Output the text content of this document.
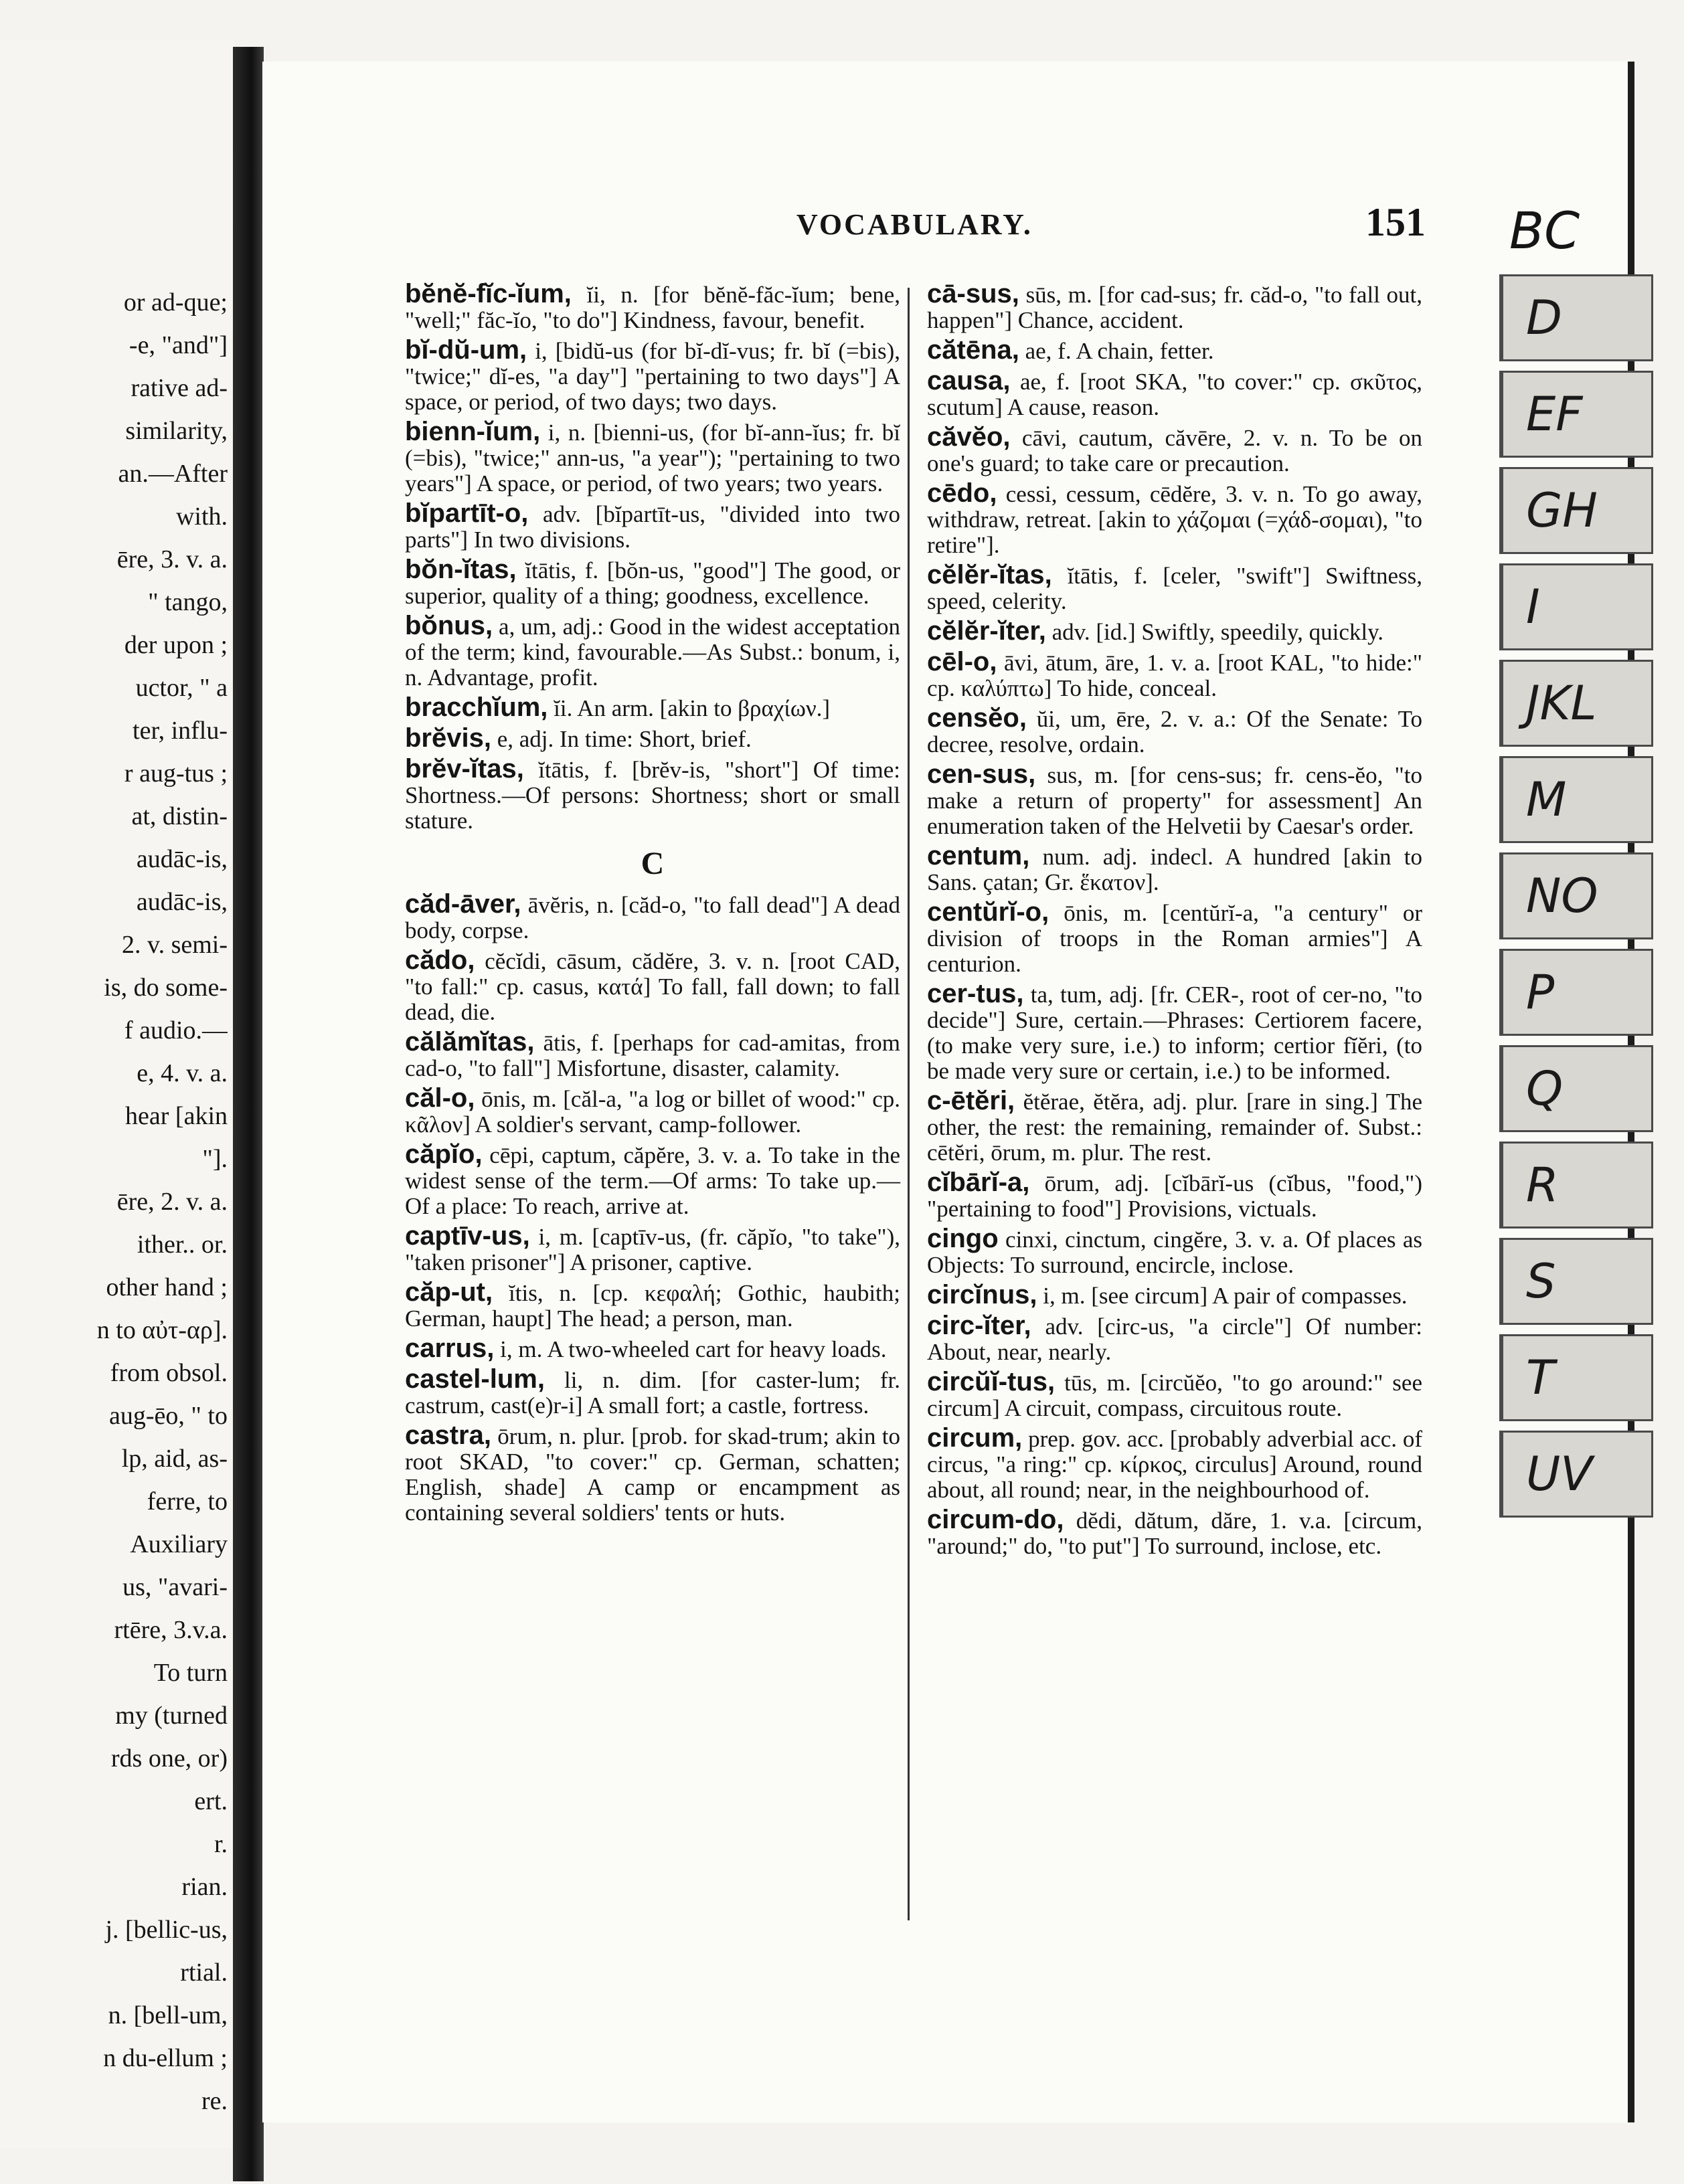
or ad-que;
-e, "and"]
rative ad-
similarity,
an.—After
with.
ēre, 3. v. a.
" tango,
der upon ;
uctor, " a
ter, influ-
r aug-tus ;
at, distin-
audāc-is,
audāc-is,
2. v. semi-
is, do some-
f audio.—
e, 4. v. a.
hear [akin
"].
ēre, 2. v. a.
ither.. or.
other hand ;
n to αὐτ-αρ].
from obsol.
aug-ēo, " to
lp, aid, as-
ferre, to
Auxiliary
us, "avari-
rtēre, 3.v.a.
To turn
my (turned
rds one, or)
ert.
r.
rian.
j. [bellic-us,
rtial.
n. [bell-um,
n du-ellum ;
re.
VOCABULARY.	151

bĕnĕ-fĭc-ĭum, ĭi, n. [for bĕnĕ-făc-ĭum; bene, "well;" făc-ĭo, "to do"] Kindness, favour, benefit.

bĭ-dŭ-um, i, [bidŭ-us (for bĭ-dĭ-vus; fr. bĭ (=bis), "twice;" dĭ-es, "a day"] "pertaining to two days"] A space, or period, of two days; two days.

bienn-ĭum, i, n. [bienni-us, (for bĭ-ann-ĭus; fr. bĭ (=bis), "twice;" ann-us, "a year"); "pertaining to two years"] A space, or period, of two years; two years.

bĭpartīt-o, adv. [bĭpartīt-us, "divided into two parts"] In two divisions.

bŏn-ĭtas, ĭtātis, f. [bŏn-us, "good"] The good, or superior, quality of a thing; goodness, excellence.

bŏnus, a, um, adj.: Good in the widest acceptation of the term; kind, favourable.—As Subst.: bonum, i, n. Advantage, profit.

bracchĭum, ĭi. An arm. [akin to βραχίων.]

brĕvis, e, adj. In time: Short, brief.

brĕv-ĭtas, ĭtātis, f. [brĕv-is, "short"] Of time: Shortness.—Of persons: Shortness; short or small stature.

C

căd-āver, āvĕris, n. [căd-o, "to fall dead"] A dead body, corpse.

cădo, cĕcĭdi, cāsum, cădĕre, 3. v. n. [root CAD, "to fall:" cp. casus, κατά] To fall, fall down; to fall dead, die.

călămĭtas, ātis, f. [perhaps for cad-amitas, from cad-o, "to fall"] Misfortune, disaster, calamity.

căl-o, ōnis, m. [căl-a, "a log or billet of wood:" cp. κᾶλον] A soldier's servant, camp-follower.

căpĭo, cēpi, captum, căpĕre, 3. v. a. To take in the widest sense of the term.—Of arms: To take up.—Of a place: To reach, arrive at.

captīv-us, i, m. [captīv-us, (fr. căpĭo, "to take"), "taken prisoner"] A prisoner, captive.

căp-ut, ĭtis, n. [cp. κεφαλή; Gothic, haubith; German, haupt] The head; a person, man.

carrus, i, m. A two-wheeled cart for heavy loads.

castel-lum, li, n. dim. [for caster-lum; fr. castrum, cast(e)r-i] A small fort; a castle, fortress.

castra, ōrum, n. plur. [prob. for skad-trum; akin to root SKAD, "to cover:" cp. German, schatten; English, shade] A camp or encampment as containing several soldiers' tents or huts.

cā-sus, sūs, m. [for cad-sus; fr. căd-o, "to fall out, happen"] Chance, accident.

cătēna, ae, f. A chain, fetter.

causa, ae, f. [root SKA, "to cover:" cp. σκῦτος, scutum] A cause, reason.

căvĕo, cāvi, cautum, căvēre, 2. v. n. To be on one's guard; to take care or precaution.

cēdo, cessi, cessum, cēdĕre, 3. v. n. To go away, withdraw, retreat. [akin to χάζομαι (=χάδ-σομαι), "to retire"].

cĕlĕr-ĭtas, ĭtātis, f. [celer, "swift"] Swiftness, speed, celerity.

cĕlĕr-ĭter, adv. [id.] Swiftly, speedily, quickly.

cēl-o, āvi, ātum, āre, 1. v. a. [root KAL, "to hide:" cp. καλύπτω] To hide, conceal.

censĕo, ŭi, um, ēre, 2. v. a.: Of the Senate: To decree, resolve, ordain.

cen-sus, sus, m. [for cens-sus; fr. cens-ĕo, "to make a return of property" for assessment] An enumeration taken of the Helvetii by Caesar's order.

centum, num. adj. indecl. A hundred [akin to Sans. çatan; Gr. ἕκατον].

centŭrĭ-o, ōnis, m. [centŭrĭ-a, "a century" or division of troops in the Roman armies"] A centurion.

cer-tus, ta, tum, adj. [fr. CER-, root of cer-no, "to decide"] Sure, certain.—Phrases: Certiorem facere, (to make very sure, i.e.) to inform; certior fĭĕri, (to be made very sure or certain, i.e.) to be informed.

c-ētĕri, ĕtĕrae, ĕtĕra, adj. plur. [rare in sing.] The other, the rest: the remaining, remainder of. Subst.: cētĕri, ōrum, m. plur. The rest.

cĭbārĭ-a, ōrum, adj. [cĭbārĭ-us (cĭbus, "food,") "pertaining to food"] Provisions, victuals.

cingo cinxi, cinctum, cingĕre, 3. v. a. Of places as Objects: To surround, encircle, inclose.

circĭnus, i, m. [see circum] A pair of compasses.

circ-ĭter, adv. [circ-us, "a circle"] Of number: About, near, nearly.

circŭĭ-tus, tūs, m. [circŭĕo, "to go around:" see circum] A circuit, compass, circuitous route.

circum, prep. gov. acc. [probably adverbial acc. of circus, "a ring:" cp. κίρκος, circulus] Around, round about, all round; near, in the neighbourhood of.

circum-do, dĕdi, dătum, dăre, 1. v.a. [circum, "around;" do, "to put"] To surround, inclose, etc.

BC
D
EF
GH
I
JKL
M
NO
P
Q
R
S
T
UV
